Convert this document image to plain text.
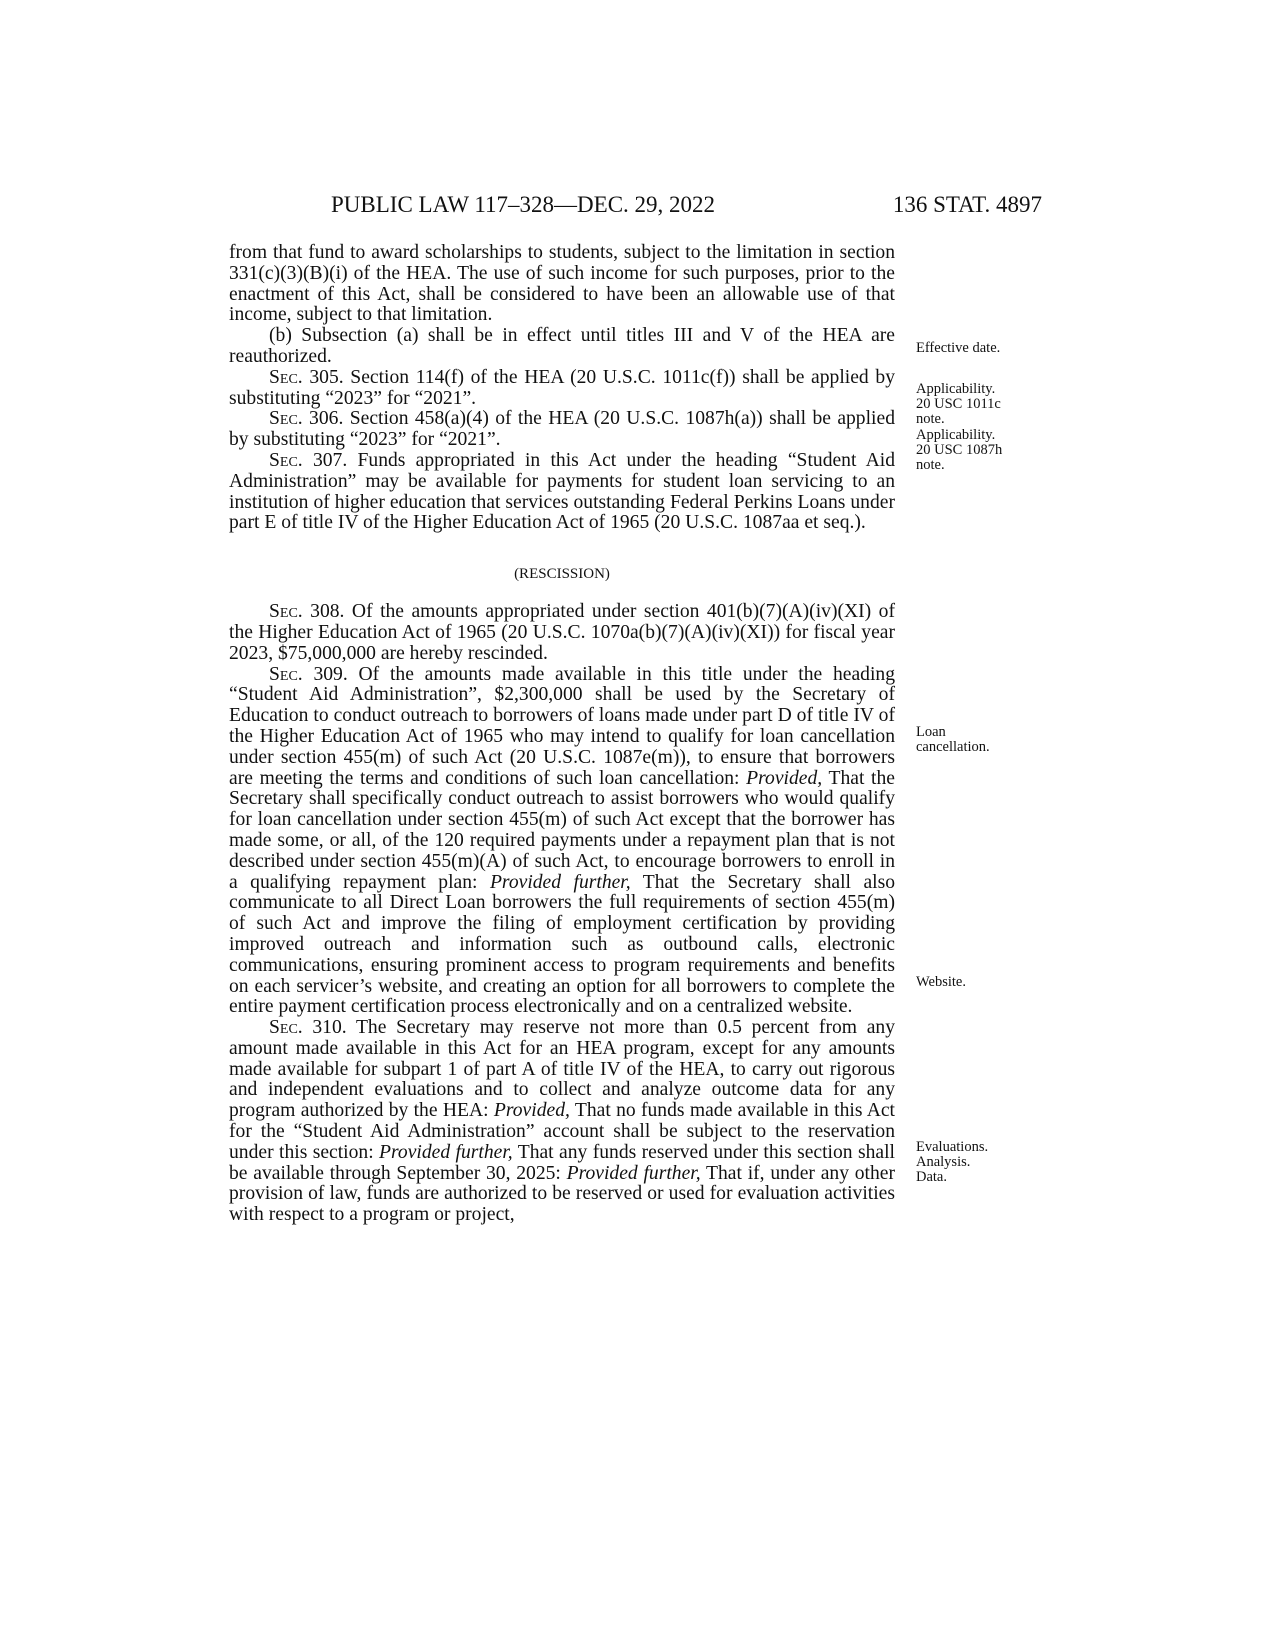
PUBLIC LAW 117–328—DEC. 29, 2022	136 STAT. 4897

from that fund to award scholarships to students, subject to the limitation in section 331(c)(3)(B)(i) of the HEA. The use of such income for such purposes, prior to the enactment of this Act, shall be considered to have been an allowable use of that income, subject to that limitation.

(b) Subsection (a) shall be in effect until titles III and V of the HEA are reauthorized.

Sec. 305. Section 114(f) of the HEA (20 U.S.C. 1011c(f)) shall be applied by substituting “2023” for “2021”.

Sec. 306. Section 458(a)(4) of the HEA (20 U.S.C. 1087h(a)) shall be applied by substituting “2023” for “2021”.

Sec. 307. Funds appropriated in this Act under the heading “Student Aid Administration” may be available for payments for student loan servicing to an institution of higher education that services outstanding Federal Perkins Loans under part E of title IV of the Higher Education Act of 1965 (20 U.S.C. 1087aa et seq.).

(RESCISSION)

Sec. 308. Of the amounts appropriated under section 401(b)(7)(A)(iv)(XI) of the Higher Education Act of 1965 (20 U.S.C. 1070a(b)(7)(A)(iv)(XI)) for fiscal year 2023, $75,000,000 are hereby rescinded.

Sec. 309. Of the amounts made available in this title under the heading “Student Aid Administration”, $2,300,000 shall be used by the Secretary of Education to conduct outreach to borrowers of loans made under part D of title IV of the Higher Education Act of 1965 who may intend to qualify for loan cancellation under section 455(m) of such Act (20 U.S.C. 1087e(m)), to ensure that borrowers are meeting the terms and conditions of such loan cancellation: Provided, That the Secretary shall specifically conduct outreach to assist borrowers who would qualify for loan cancellation under section 455(m) of such Act except that the borrower has made some, or all, of the 120 required payments under a repayment plan that is not described under section 455(m)(A) of such Act, to encourage borrowers to enroll in a qualifying repayment plan: Provided further, That the Secretary shall also communicate to all Direct Loan borrowers the full requirements of section 455(m) of such Act and improve the filing of employment certification by providing improved outreach and information such as outbound calls, electronic communications, ensuring prominent access to program requirements and benefits on each servicer’s website, and creating an option for all borrowers to complete the entire payment certification process electronically and on a centralized website.

Sec. 310. The Secretary may reserve not more than 0.5 percent from any amount made available in this Act for an HEA program, except for any amounts made available for subpart 1 of part A of title IV of the HEA, to carry out rigorous and independent evaluations and to collect and analyze outcome data for any program authorized by the HEA: Provided, That no funds made available in this Act for the “Student Aid Administration” account shall be subject to the reservation under this section: Provided further, That any funds reserved under this section shall be available through September 30, 2025: Provided further, That if, under any other provision of law, funds are authorized to be reserved or used for evaluation activities with respect to a program or project,

Effective date.
Applicability.
20 USC 1011c
note.
Applicability.
20 USC 1087h
note.
Loan
cancellation.
Website.
Evaluations.
Analysis.
Data.
